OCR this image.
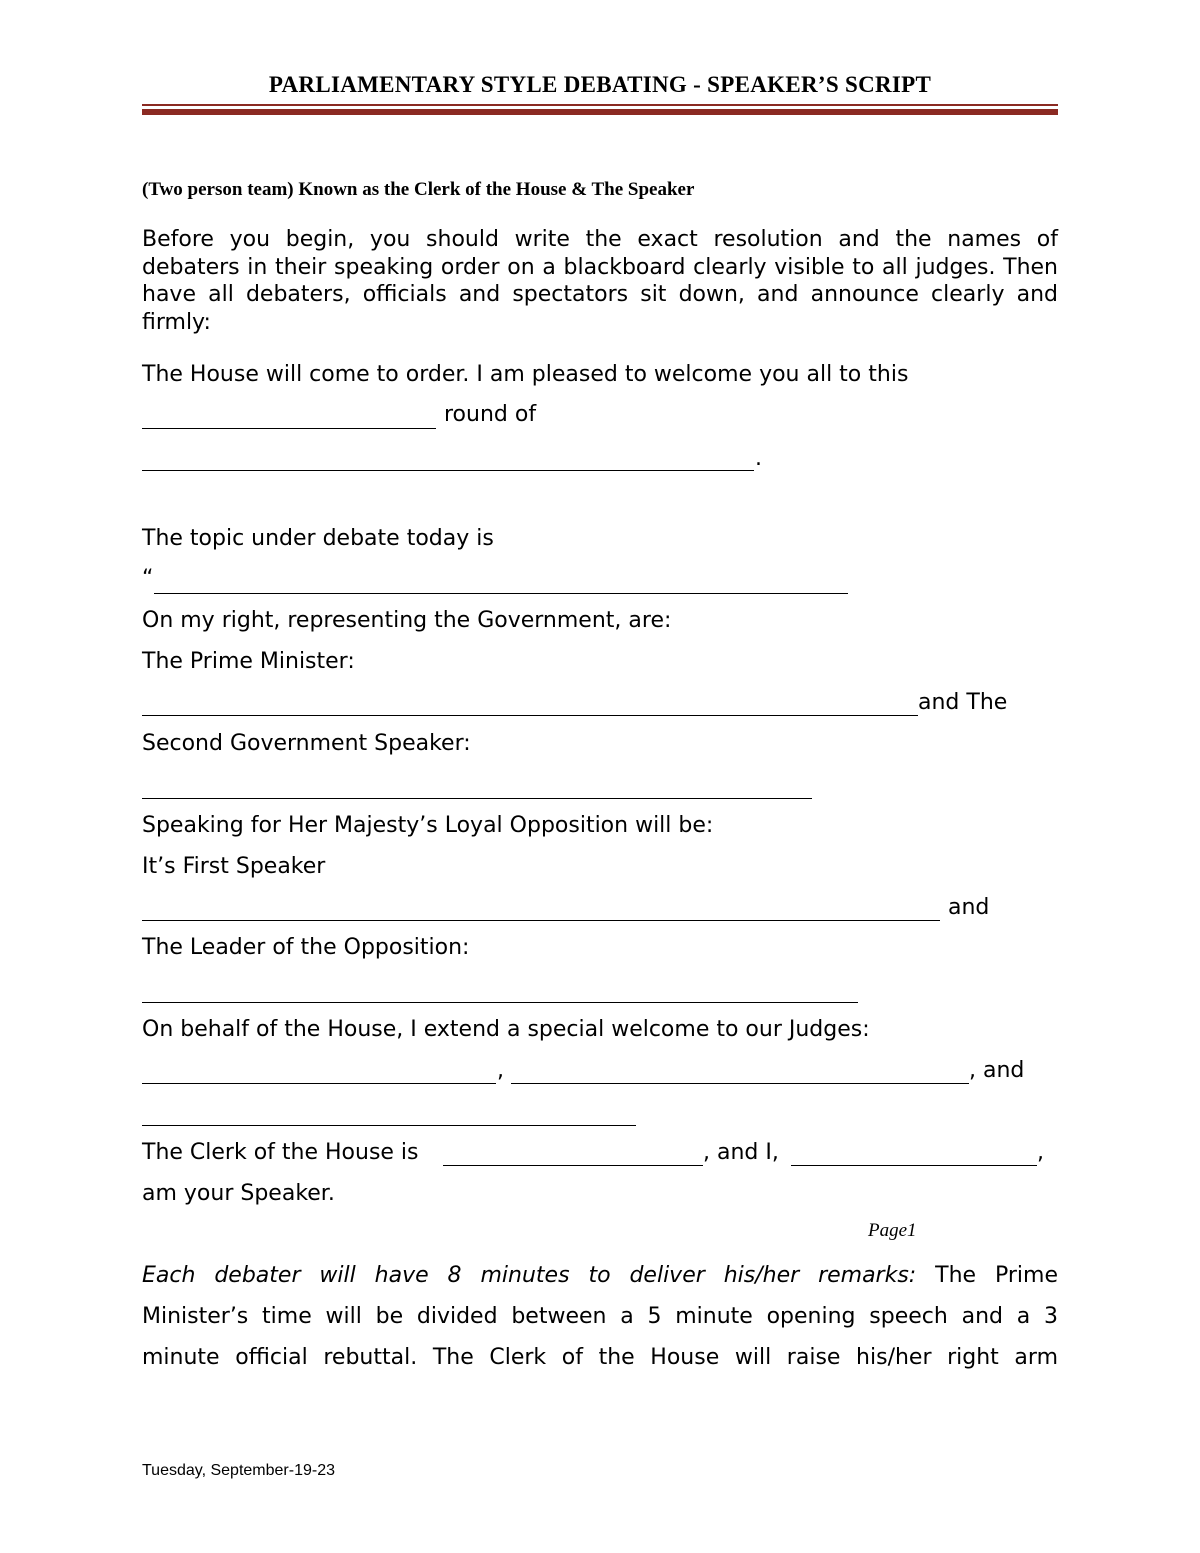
PARLIAMENTARY STYLE DEBATING - SPEAKER’S SCRIPT
(Two person team) Known as the Clerk of the House & The Speaker
Before you begin, you should write the exact resolution and the names of debaters in their speaking order on a blackboard clearly visible to all judges. Then have all debaters, officials and spectators sit down, and announce clearly and firmly:
The House will come to order. I am pleased to welcome you all to this
round of
.
The topic under debate today is
“
On my right, representing the Government, are:
The Prime Minister:
and The
Second Government Speaker:
Speaking for Her Majesty’s Loyal Opposition will be:
It’s First Speaker
and
The Leader of the Opposition:
On behalf of the House, I extend a special welcome to our Judges:
,	, and
The Clerk of the House is	, and I,	,
am your Speaker.
Page1
Each debater will have 8 minutes to deliver his/her remarks: The Prime
Minister’s time will be divided between a 5 minute opening speech and a 3
minute official rebuttal. The Clerk of the House will raise his/her right arm
Tuesday, September-19-23
